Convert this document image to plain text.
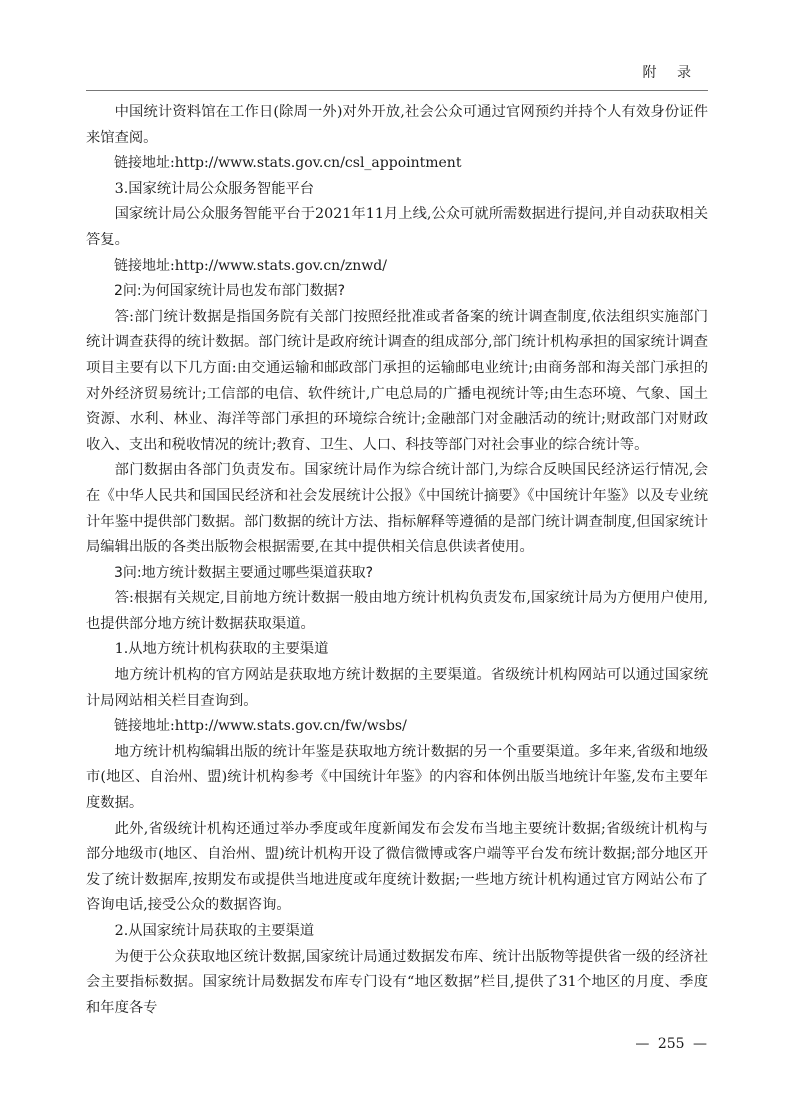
附 录

中国统计资料馆在工作日(除周一外)对外开放,社会公众可通过官网预约并持个人有效身份证件来馆查阅。

链接地址:http://www.stats.gov.cn/csl_appointment

3.国家统计局公众服务智能平台

国家统计局公众服务智能平台于2021年11月上线,公众可就所需数据进行提问,并自动获取相关答复。

链接地址:http://www.stats.gov.cn/znwd/

2问:为何国家统计局也发布部门数据?

答:部门统计数据是指国务院有关部门按照经批准或者备案的统计调查制度,依法组织实施部门统计调查获得的统计数据。部门统计是政府统计调查的组成部分,部门统计机构承担的国家统计调查项目主要有以下几方面:由交通运输和邮政部门承担的运输邮电业统计;由商务部和海关部门承担的对外经济贸易统计;工信部的电信、软件统计,广电总局的广播电视统计等;由生态环境、气象、国土资源、水利、林业、海洋等部门承担的环境综合统计;金融部门对金融活动的统计;财政部门对财政收入、支出和税收情况的统计;教育、卫生、人口、科技等部门对社会事业的综合统计等。

部门数据由各部门负责发布。国家统计局作为综合统计部门,为综合反映国民经济运行情况,会在《中华人民共和国国民经济和社会发展统计公报》《中国统计摘要》《中国统计年鉴》以及专业统计年鉴中提供部门数据。部门数据的统计方法、指标解释等遵循的是部门统计调查制度,但国家统计局编辑出版的各类出版物会根据需要,在其中提供相关信息供读者使用。

3问:地方统计数据主要通过哪些渠道获取?

答:根据有关规定,目前地方统计数据一般由地方统计机构负责发布,国家统计局为方便用户使用,也提供部分地方统计数据获取渠道。

1.从地方统计机构获取的主要渠道

地方统计机构的官方网站是获取地方统计数据的主要渠道。省级统计机构网站可以通过国家统计局网站相关栏目查询到。

链接地址:http://www.stats.gov.cn/fw/wsbs/

地方统计机构编辑出版的统计年鉴是获取地方统计数据的另一个重要渠道。多年来,省级和地级市(地区、自治州、盟)统计机构参考《中国统计年鉴》的内容和体例出版当地统计年鉴,发布主要年度数据。

此外,省级统计机构还通过举办季度或年度新闻发布会发布当地主要统计数据;省级统计机构与部分地级市(地区、自治州、盟)统计机构开设了微信微博或客户端等平台发布统计数据;部分地区开发了统计数据库,按期发布或提供当地进度或年度统计数据;一些地方统计机构通过官方网站公布了咨询电话,接受公众的数据咨询。

2.从国家统计局获取的主要渠道

为便于公众获取地区统计数据,国家统计局通过数据发布库、统计出版物等提供省一级的经济社会主要指标数据。国家统计局数据发布库专门设有“地区数据”栏目,提供了31个地区的月度、季度和年度各专

— 255 —
